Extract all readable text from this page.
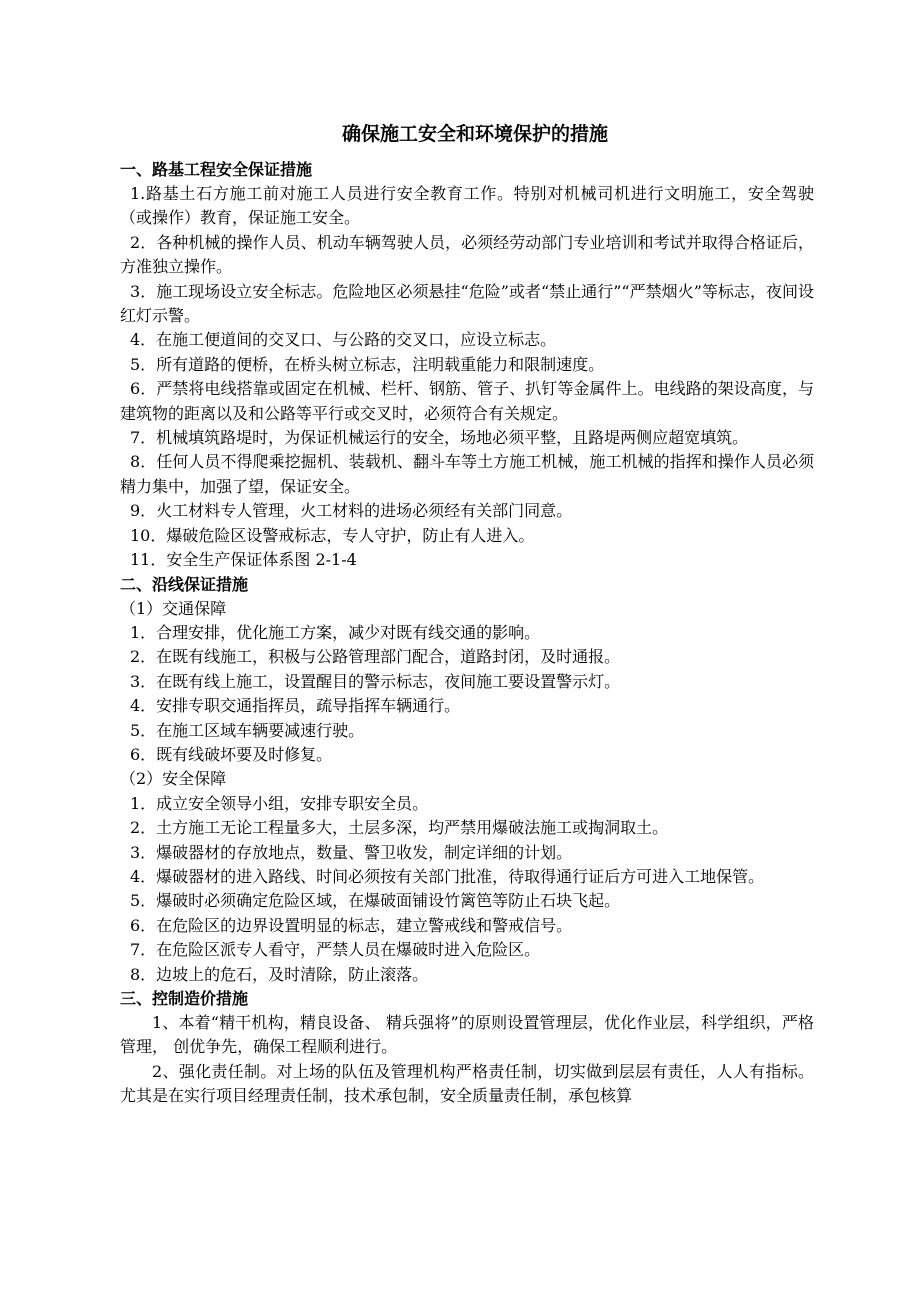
确保施工安全和环境保护的措施
一、路基工程安全保证措施
1.路基土石方施工前对施工人员进行安全教育工作。特别对机械司机进行文明施工，安全驾驶（或操作）教育，保证施工安全。
2．各种机械的操作人员、机动车辆驾驶人员，必须经劳动部门专业培训和考试并取得合格证后，方准独立操作。
3．施工现场设立安全标志。危险地区必须悬挂“危险”或者“禁止通行”“严禁烟火”等标志，夜间设红灯示警。
4．在施工便道间的交叉口、与公路的交叉口，应设立标志。
5．所有道路的便桥，在桥头树立标志，注明载重能力和限制速度。
6．严禁将电线搭靠或固定在机械、栏杆、钢筋、管子、扒钉等金属件上。电线路的架设高度，与建筑物的距离以及和公路等平行或交叉时，必须符合有关规定。
7．机械填筑路堤时，为保证机械运行的安全，场地必须平整，且路堤两侧应超宽填筑。
8．任何人员不得爬乘挖掘机、装载机、翻斗车等土方施工机械，施工机械的指挥和操作人员必须精力集中，加强了望，保证安全。
9．火工材料专人管理，火工材料的进场必须经有关部门同意。
10．爆破危险区设警戒标志，专人守护，防止有人进入。
11．安全生产保证体系图 2-1-4
二、沿线保证措施
（1）交通保障
1．合理安排，优化施工方案，减少对既有线交通的影响。
2．在既有线施工，积极与公路管理部门配合，道路封闭，及时通报。
3．在既有线上施工，设置醒目的警示标志，夜间施工要设置警示灯。
4．安排专职交通指挥员，疏导指挥车辆通行。
5．在施工区域车辆要减速行驶。
6．既有线破坏要及时修复。
（2）安全保障
1．成立安全领导小组，安排专职安全员。
2．土方施工无论工程量多大，土层多深，均严禁用爆破法施工或掏洞取土。
3．爆破器材的存放地点，数量、警卫收发，制定详细的计划。
4．爆破器材的进入路线、时间必须按有关部门批准，待取得通行证后方可进入工地保管。
5．爆破时必须确定危险区域，在爆破面铺设竹篱笆等防止石块飞起。
6．在危险区的边界设置明显的标志，建立警戒线和警戒信号。
7．在危险区派专人看守，严禁人员在爆破时进入危险区。
8．边坡上的危石，及时清除，防止滚落。
三、控制造价措施
1、本着“精干机构，精良设备、 精兵强将”的原则设置管理层，优化作业层，科学组织，严格管理， 创优争先，确保工程顺利进行。
2、强化责任制。对上场的队伍及管理机构严格责任制，切实做到层层有责任，人人有指标。尤其是在实行项目经理责任制，技术承包制，安全质量责任制，承包核算
